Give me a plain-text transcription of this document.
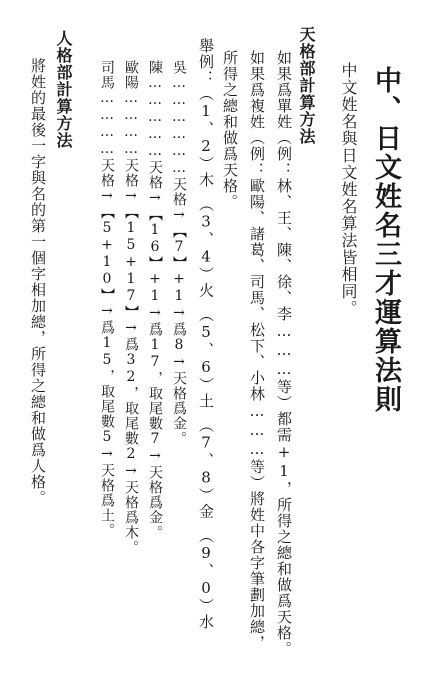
中、日文姓名三才運算法則
中文姓名與日文姓名算法皆相同。
天格部計算方法
如果爲單姓（例：林、王、陳、徐、李………等）都需+1，所得之總和做爲天格。
如果爲複姓（例：歐陽、諸葛、司馬、松下、小林………等）將姓中各字筆劃加總，
所得之總和做爲天格。
舉例：（1、2）木　（3、4）火　（5、6）土　（7、8）金　（9、0）水
吳………………天格→【7】+1→爲8→天格爲金。
陳……………天格→【16】+1→爲17，取尾數7→天格爲金。
歐陽…………天格→【15+17】→爲32，取尾數2→天格爲木。
司馬…………天格→【5+10】→爲15，取尾數5→天格爲土。
人格部計算方法
將姓的最後一字與名的第一個字相加總，所得之總和做爲人格。
